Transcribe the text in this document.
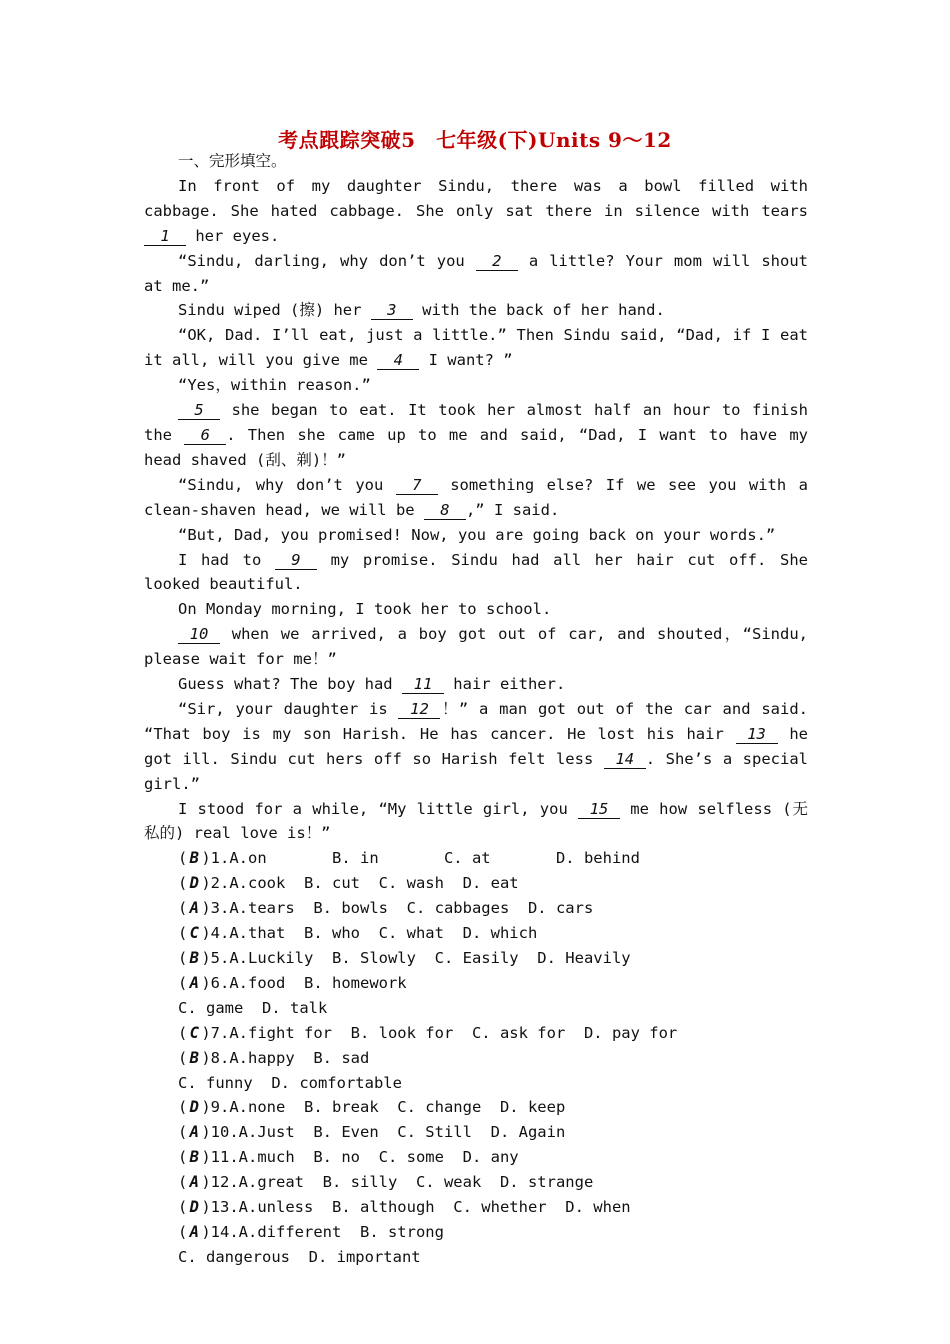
考点跟踪突破5　七年级(下)Units 9～12

一、完形填空。

In front of my daughter Sindu, there was a bowl filled with cabbage. She hated cabbage. She only sat there in silence with tears 1 her eyes.

“Sindu, darling, why don’t you 2 a little? Your mom will shout at me.”

Sindu wiped (擦) her 3 with the back of her hand.

“OK, Dad. I’ll eat, just a little.” Then Sindu said, “Dad, if I eat it all, will you give me 4 I want? ”

“Yes，within reason.”

5 she began to eat. It took her almost half an hour to finish the 6 . Then she came up to me and said, “Dad, I want to have my head shaved (刮、剃)！”

“Sindu, why don’t you 7 something else? If we see you with a clean-shaven head, we will be 8 ,” I said.

“But, Dad, you promised! Now, you are going back on your words.”

I had to 9 my promise. Sindu had all her hair cut off. She looked beautiful.

On Monday morning, I took her to school.

10 when we arrived, a boy got out of car, and shouted，“Sindu, please wait for me！”

Guess what? The boy had 11 hair either.

“Sir, your daughter is 12 ！” a man got out of the car and said. “That boy is my son Harish. He has cancer. He lost his hair 13 he got ill. Sindu cut hers off so Harish felt less 14 . She’s a special girl.”

I stood for a while, “My little girl, you 15 me how selfless (无私的) real love is！”

( B )1.A.on       B. in       C. at       D. behind
( D )2.A.cook  B. cut  C. wash  D. eat
( A )3.A.tears  B. bowls  C. cabbages  D. cars
( C )4.A.that  B. who  C. what  D. which
( B )5.A.Luckily  B. Slowly  C. Easily  D. Heavily
( A )6.A.food  B. homework
C. game  D. talk
( C )7.A.fight for  B. look for  C. ask for  D. pay for
( B )8.A.happy  B. sad
C. funny  D. comfortable
( D )9.A.none  B. break  C. change  D. keep
( A )10.A.Just  B. Even  C. Still  D. Again
( B )11.A.much  B. no  C. some  D. any
( A )12.A.great  B. silly  C. weak  D. strange
( D )13.A.unless  B. although  C. whether  D. when
( A )14.A.different  B. strong
C. dangerous  D. important
